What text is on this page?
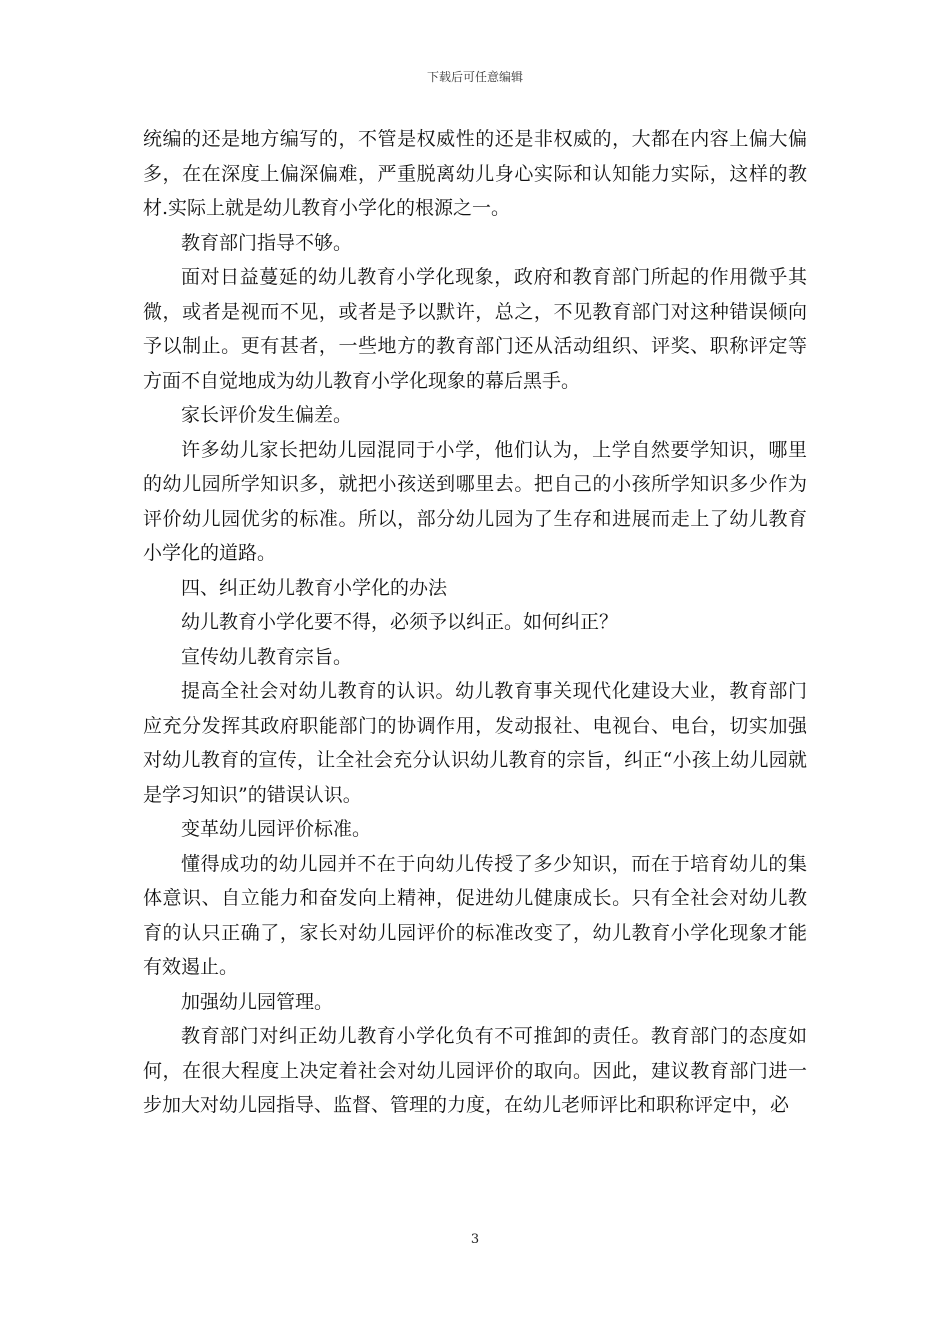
下载后可任意编辑

统编的还是地方编写的，不管是权威性的还是非权威的，大都在内容上偏大偏多，在在深度上偏深偏难，严重脱离幼儿身心实际和认知能力实际，这样的教材.实际上就是幼儿教育小学化的根源之一。

教育部门指导不够。

面对日益蔓延的幼儿教育小学化现象，政府和教育部门所起的作用微乎其微，或者是视而不见，或者是予以默许，总之，不见教育部门对这种错误倾向予以制止。更有甚者，一些地方的教育部门还从活动组织、评奖、职称评定等方面不自觉地成为幼儿教育小学化现象的幕后黑手。

家长评价发生偏差。

许多幼儿家长把幼儿园混同于小学，他们认为，上学自然要学知识，哪里的幼儿园所学知识多，就把小孩送到哪里去。把自己的小孩所学知识多少作为评价幼儿园优劣的标准。所以，部分幼儿园为了生存和进展而走上了幼儿教育小学化的道路。

四、纠正幼儿教育小学化的办法

幼儿教育小学化要不得，必须予以纠正。如何纠正？

宣传幼儿教育宗旨。

提高全社会对幼儿教育的认识。幼儿教育事关现代化建设大业，教育部门应充分发挥其政府职能部门的协调作用，发动报社、电视台、电台，切实加强对幼儿教育的宣传，让全社会充分认识幼儿教育的宗旨，纠正“小孩上幼儿园就是学习知识”的错误认识。

变革幼儿园评价标准。

懂得成功的幼儿园并不在于向幼儿传授了多少知识，而在于培育幼儿的集体意识、自立能力和奋发向上精神，促进幼儿健康成长。只有全社会对幼儿教育的认只正确了，家长对幼儿园评价的标准改变了，幼儿教育小学化现象才能有效遏止。

加强幼儿园管理。

教育部门对纠正幼儿教育小学化负有不可推卸的责任。教育部门的态度如何，在很大程度上决定着社会对幼儿园评价的取向。因此，建议教育部门进一步加大对幼儿园指导、监督、管理的力度，在幼儿老师评比和职称评定中，必

3
